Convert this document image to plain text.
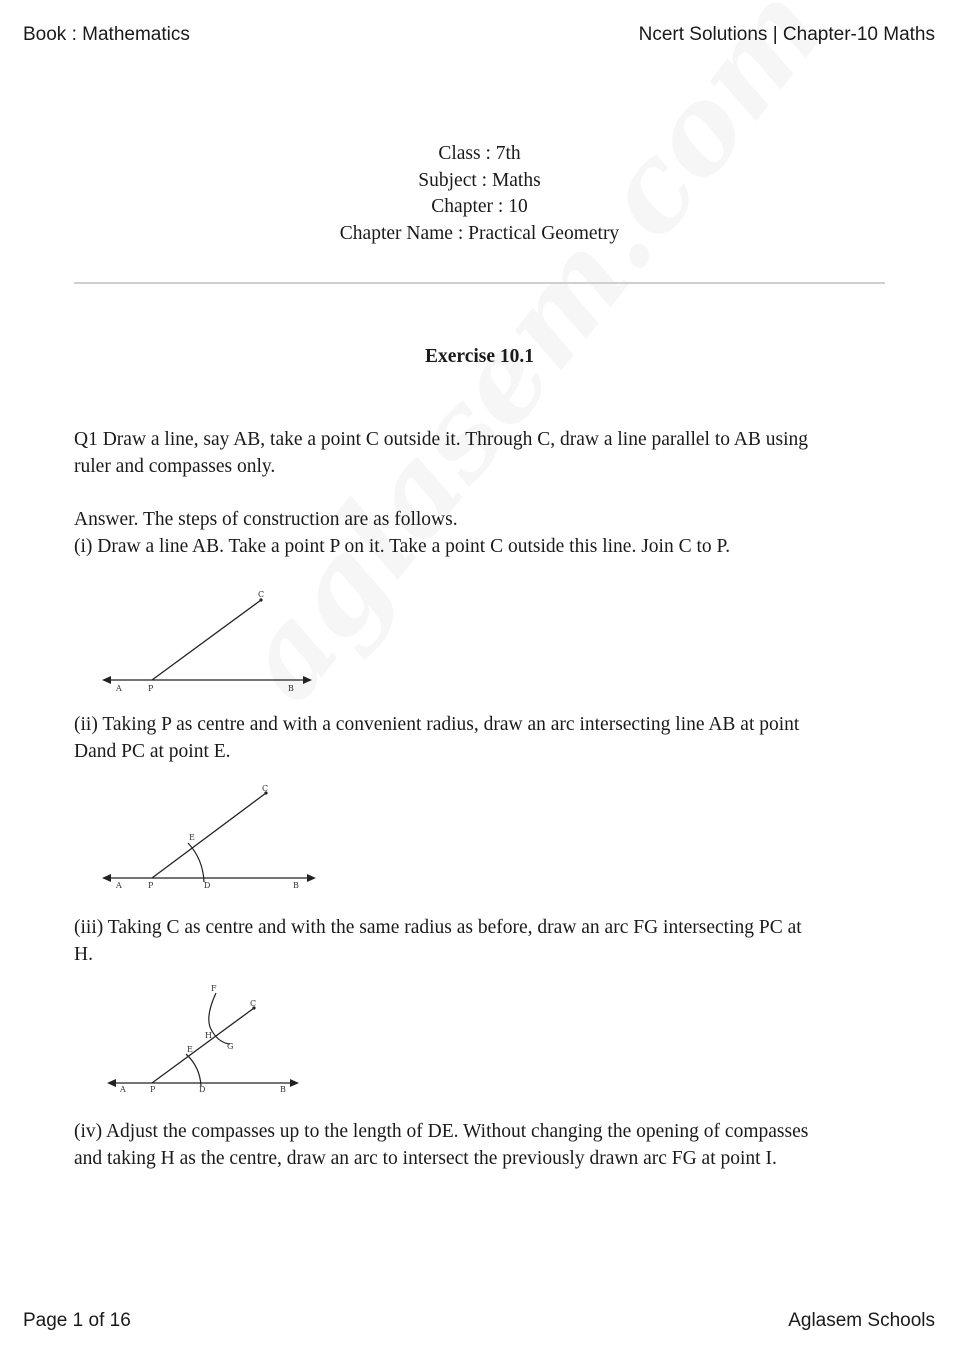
Book : Mathematics	Ncert Solutions | Chapter-10 Maths
Class : 7th
Subject : Maths
Chapter : 10
Chapter Name : Practical Geometry
Exercise 10.1
Q1 Draw a line, say AB, take a point C outside it. Through C, draw a line parallel to AB using
ruler and compasses only.
Answer. The steps of construction are as follows.
(i) Draw a line AB. Take a point P on it. Take a point C outside this line. Join C to P.
A	P	B
C
(ii) Taking P as centre and with a convenient radius, draw an arc intersecting line AB at point
Dand PC at point E.
A	P	D	B
E
C
(iii) Taking C as centre and with the same radius as before, draw an arc FG intersecting PC at
H.
A	P	D	B
E
F
H
G
C
(iv) Adjust the compasses up to the length of DE. Without changing the opening of compasses
and taking H as the centre, draw an arc to intersect the previously drawn arc FG at point I.
Page 1 of 16	Aglasem Schools
